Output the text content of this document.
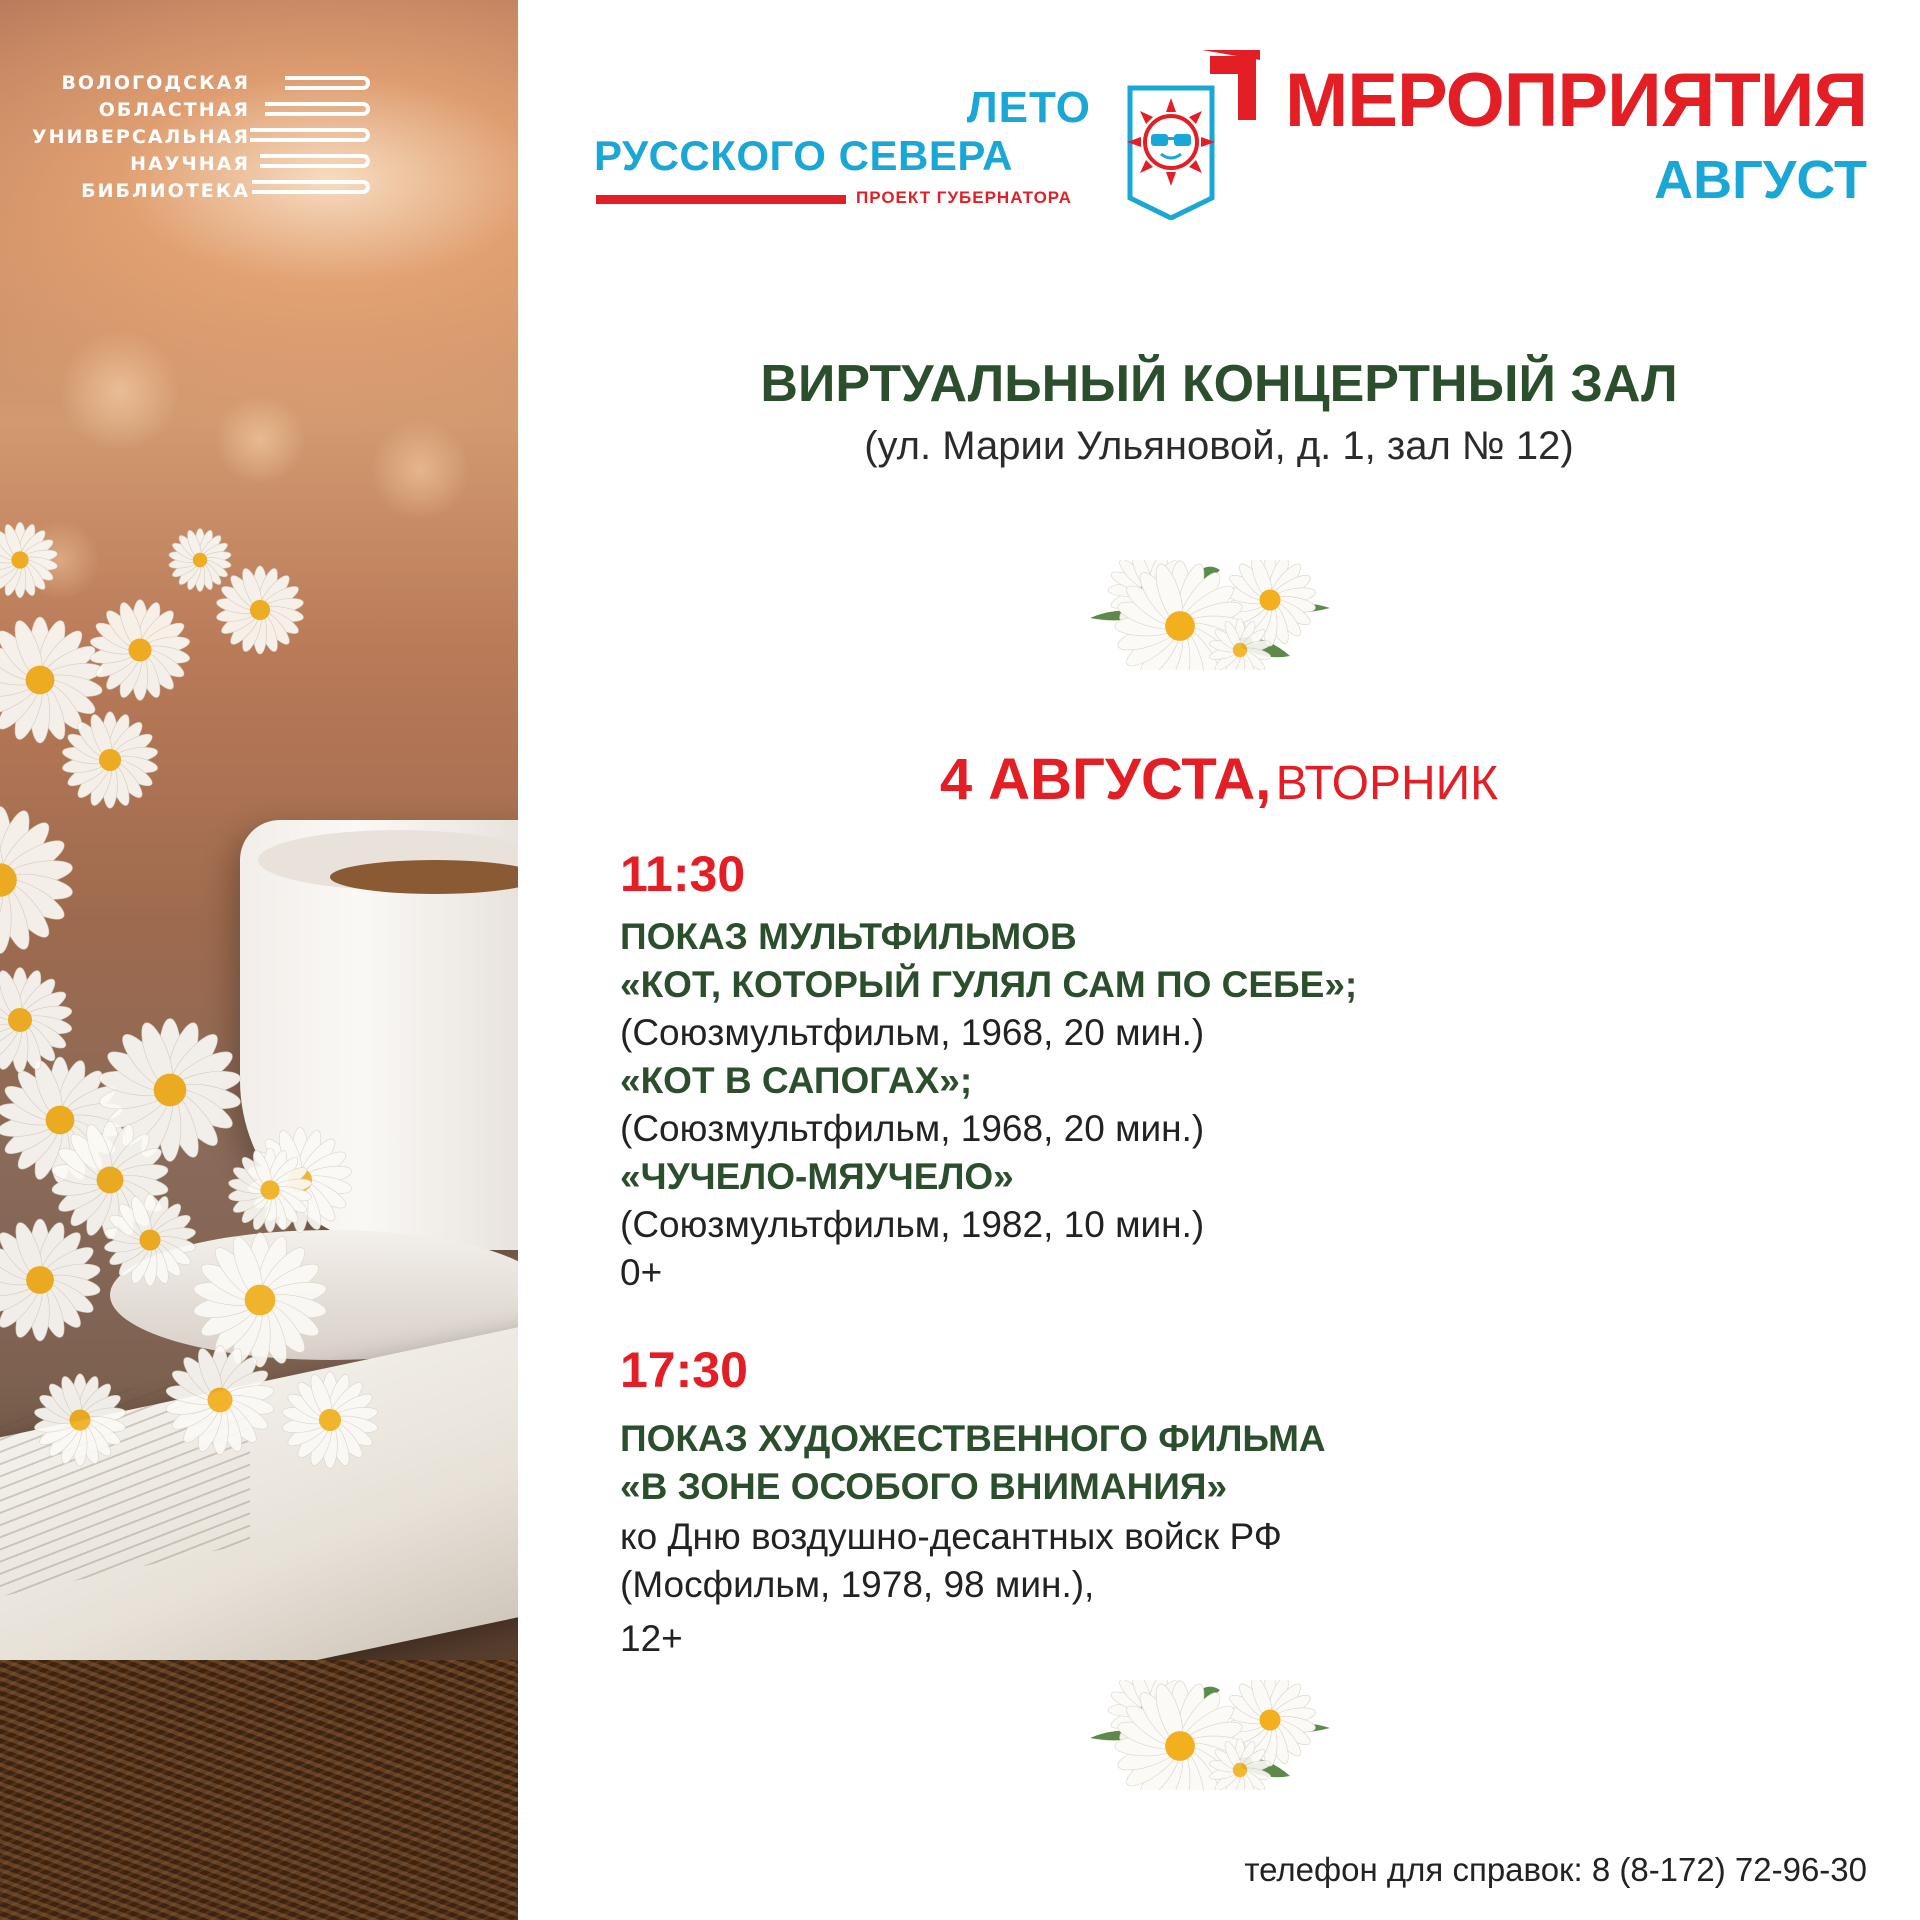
ВОЛОГОДСКАЯ
ОБЛАСТНАЯ
УНИВЕРСАЛЬНАЯ
НАУЧНАЯ
БИБЛИОТЕКА
ЛЕТО
РУССКОГО СЕВЕРА
ПРОЕКТ ГУБЕРНАТОРА
МЕРОПРИЯТИЯ
АВГУСТ
ВИРТУАЛЬНЫЙ КОНЦЕРТНЫЙ ЗАЛ
(ул. Марии Ульяновой, д. 1, зал № 12)
4 АВГУСТА, ВТОРНИК
11:30
ПОКАЗ МУЛЬТФИЛЬМОВ
«КОТ, КОТОРЫЙ ГУЛЯЛ САМ ПО СЕБЕ»;
(Союзмультфильм, 1968, 20 мин.)
«КОТ В САПОГАХ»;
(Союзмультфильм, 1968, 20 мин.)
«ЧУЧЕЛО-МЯУЧЕЛО»
(Союзмультфильм, 1982, 10 мин.)
0+
17:30
ПОКАЗ ХУДОЖЕСТВЕННОГО ФИЛЬМА
«В ЗОНЕ ОСОБОГО ВНИМАНИЯ»
ко Дню воздушно-десантных войск РФ
(Мосфильм, 1978, 98 мин.),
12+
телефон для справок: 8 (8-172) 72-96-30
